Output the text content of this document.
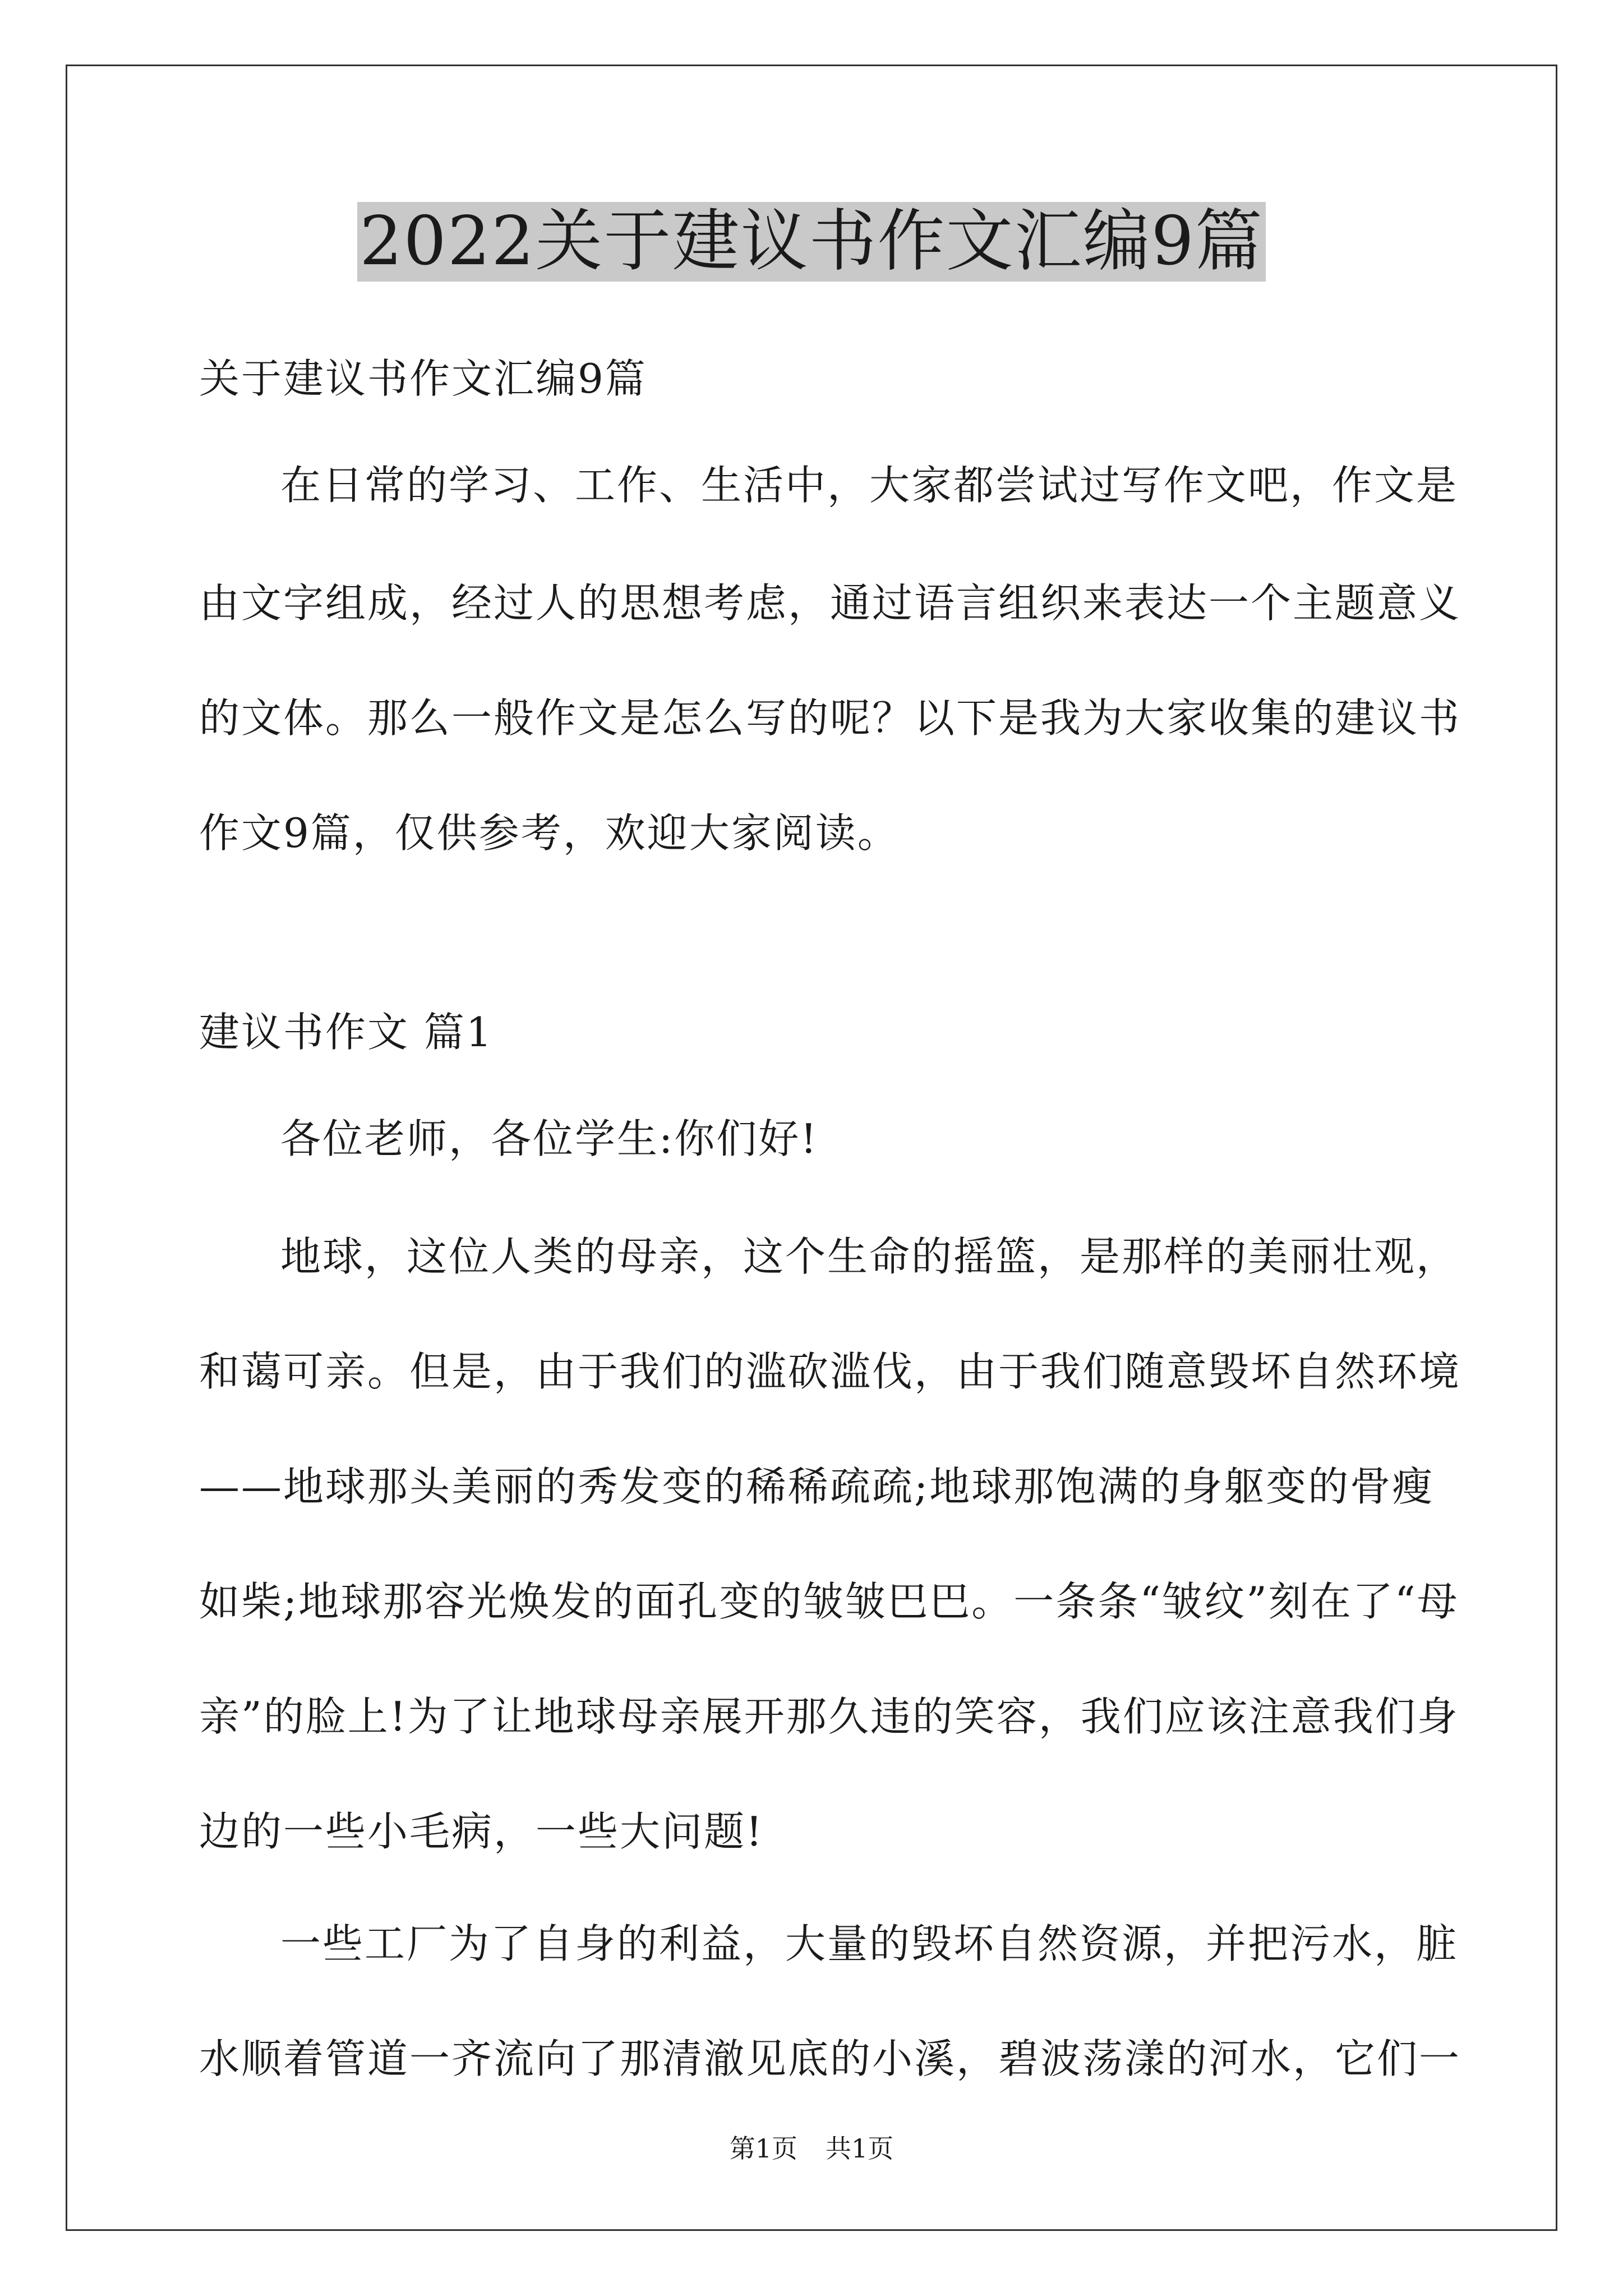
2022关于建议书作文汇编9篇
关于建议书作文汇编9篇
在日常的学习、工作、生活中，大家都尝试过写作文吧，作文是
由文字组成，经过人的思想考虑，通过语言组织来表达一个主题意义
的文体。那么一般作文是怎么写的呢？以下是我为大家收集的建议书
作文9篇，仅供参考，欢迎大家阅读。
建议书作文 篇1
各位老师，各位学生:你们好!
地球，这位人类的母亲，这个生命的摇篮，是那样的美丽壮观，
和蔼可亲。但是，由于我们的滥砍滥伐，由于我们随意毁坏自然环境
——地球那头美丽的秀发变的稀稀疏疏;地球那饱满的身躯变的骨瘦
如柴;地球那容光焕发的面孔变的皱皱巴巴。一条条“皱纹”刻在了“母
亲”的脸上!为了让地球母亲展开那久违的笑容，我们应该注意我们身
边的一些小毛病，一些大问题!
一些工厂为了自身的利益，大量的毁坏自然资源，并把污水，脏
水顺着管道一齐流向了那清澈见底的小溪，碧波荡漾的河水，它们一
第1页 共1页
